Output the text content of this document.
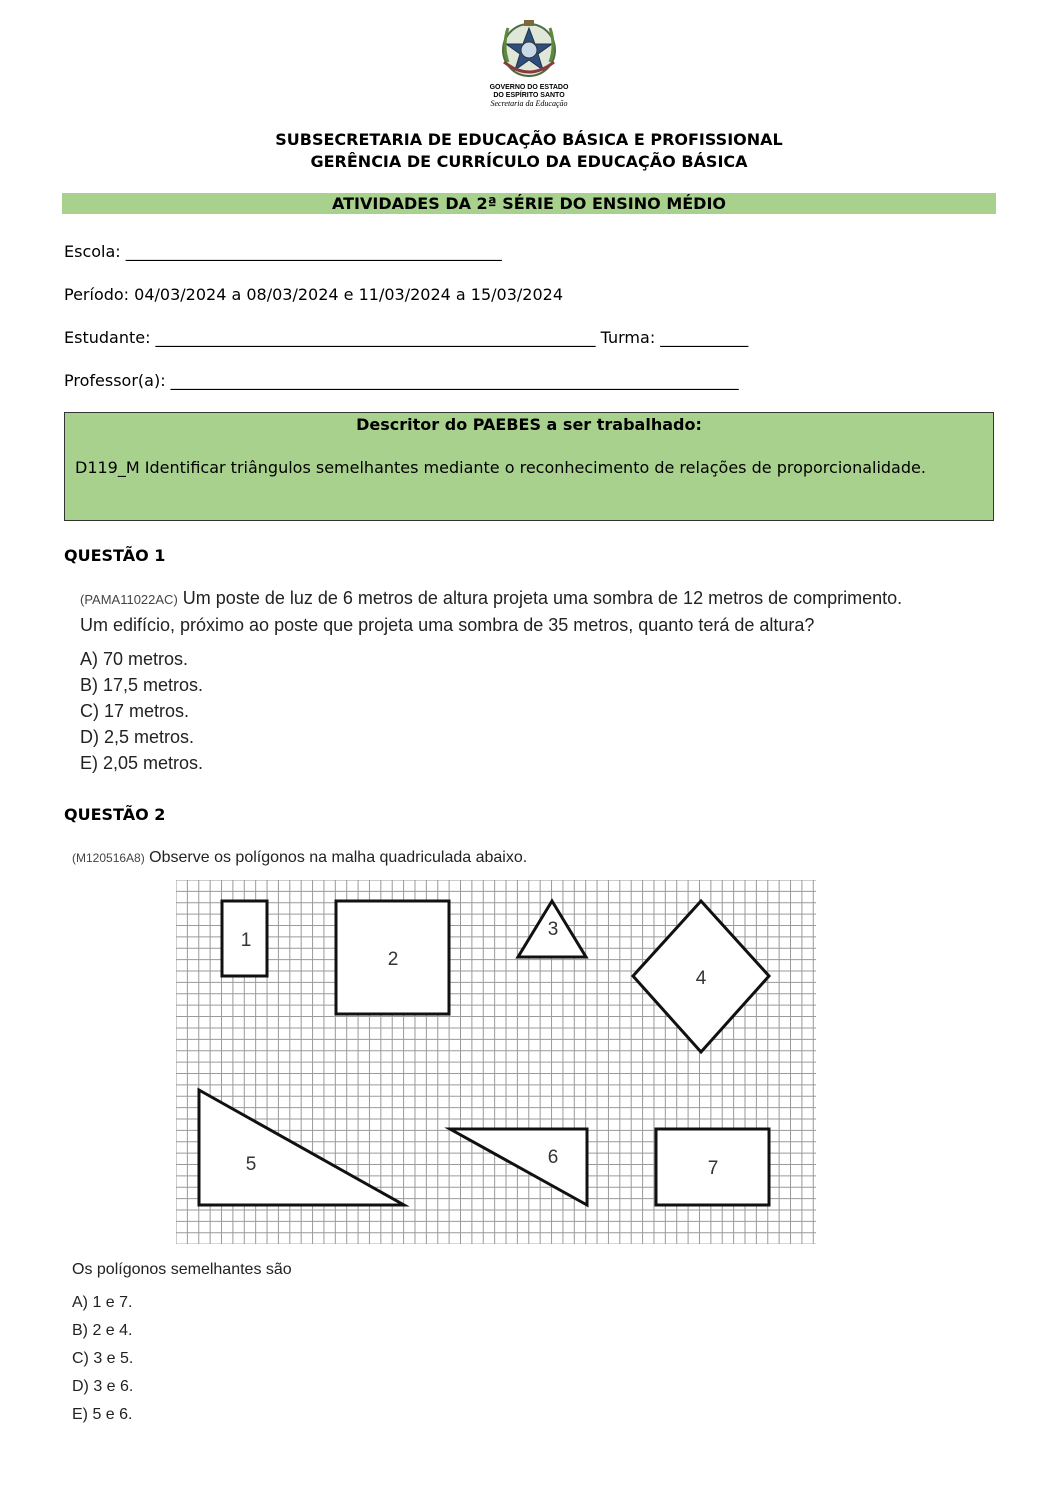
GOVERNO DO ESTADO
DO ESPÍRITO SANTO
Secretaria da Educação
SUBSECRETARIA DE EDUCAÇÃO BÁSICA E PROFISSIONAL
GERÊNCIA DE CURRÍCULO DA EDUCAÇÃO BÁSICA
ATIVIDADES DA 2ª SÉRIE DO ENSINO MÉDIO
Escola: _______________________________________________
Período: 04/03/2024 a 08/03/2024 e 11/03/2024 a 15/03/2024
Estudante: _______________________________________________________ Turma: ___________
Professor(a): _______________________________________________________________________
Descritor do PAEBES a ser trabalhado:
D119_M Identificar triângulos semelhantes mediante o reconhecimento de relações de proporcionalidade.
QUESTÃO 1
(PAMA11022AC) Um poste de luz de 6 metros de altura projeta uma sombra de 12 metros de comprimento.
Um edifício, próximo ao poste que projeta uma sombra de 35 metros, quanto terá de altura?
A) 70 metros.
B) 17,5 metros.
C) 17 metros.
D) 2,5 metros.
E) 2,05 metros.
QUESTÃO 2
(M120516A8) Observe os polígonos na malha quadriculada abaixo.
1
2
3
4
5	6
7
Os polígonos semelhantes são
A) 1 e 7.
B) 2 e 4.
C) 3 e 5.
D) 3 e 6.
E) 5 e 6.
